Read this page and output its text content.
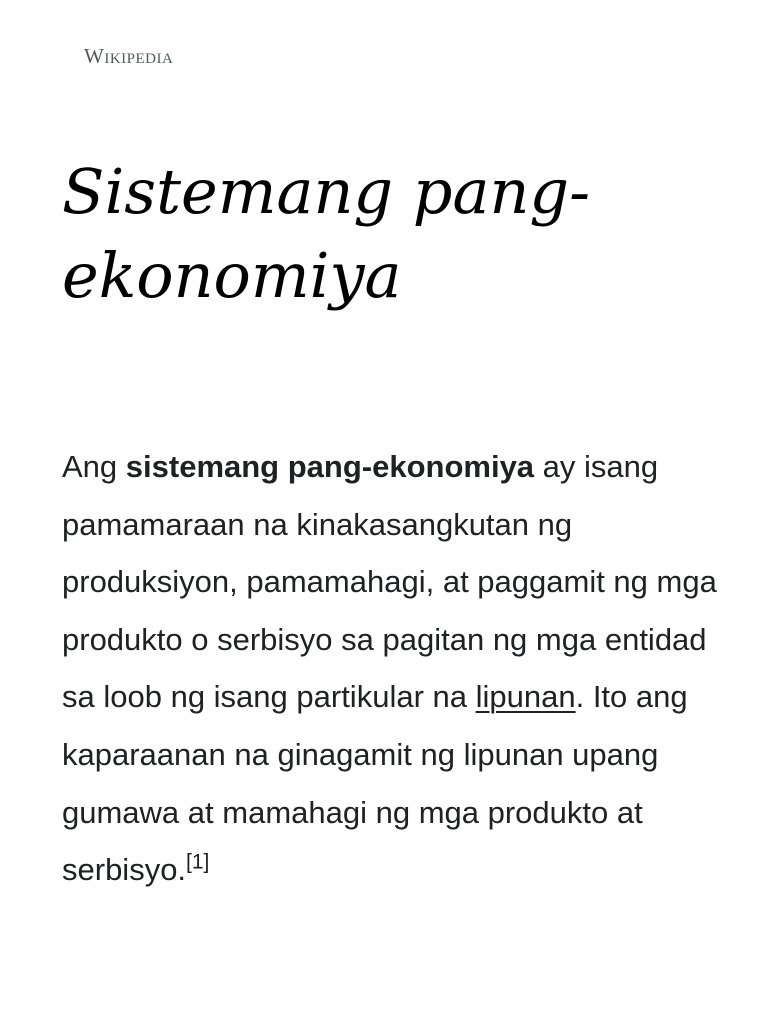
Wikipedia
Sistemang pang-ekonomiya

Ang sistemang pang-ekonomiya ay isang pamamaraan na kinakasangkutan ng produksiyon, pamamahagi, at paggamit ng mga produkto o serbisyo sa pagitan ng mga entidad sa loob ng isang partikular na lipunan. Ito ang kaparaanan na ginagamit ng lipunan upang gumawa at mamahagi ng mga produkto at serbisyo.[1]
